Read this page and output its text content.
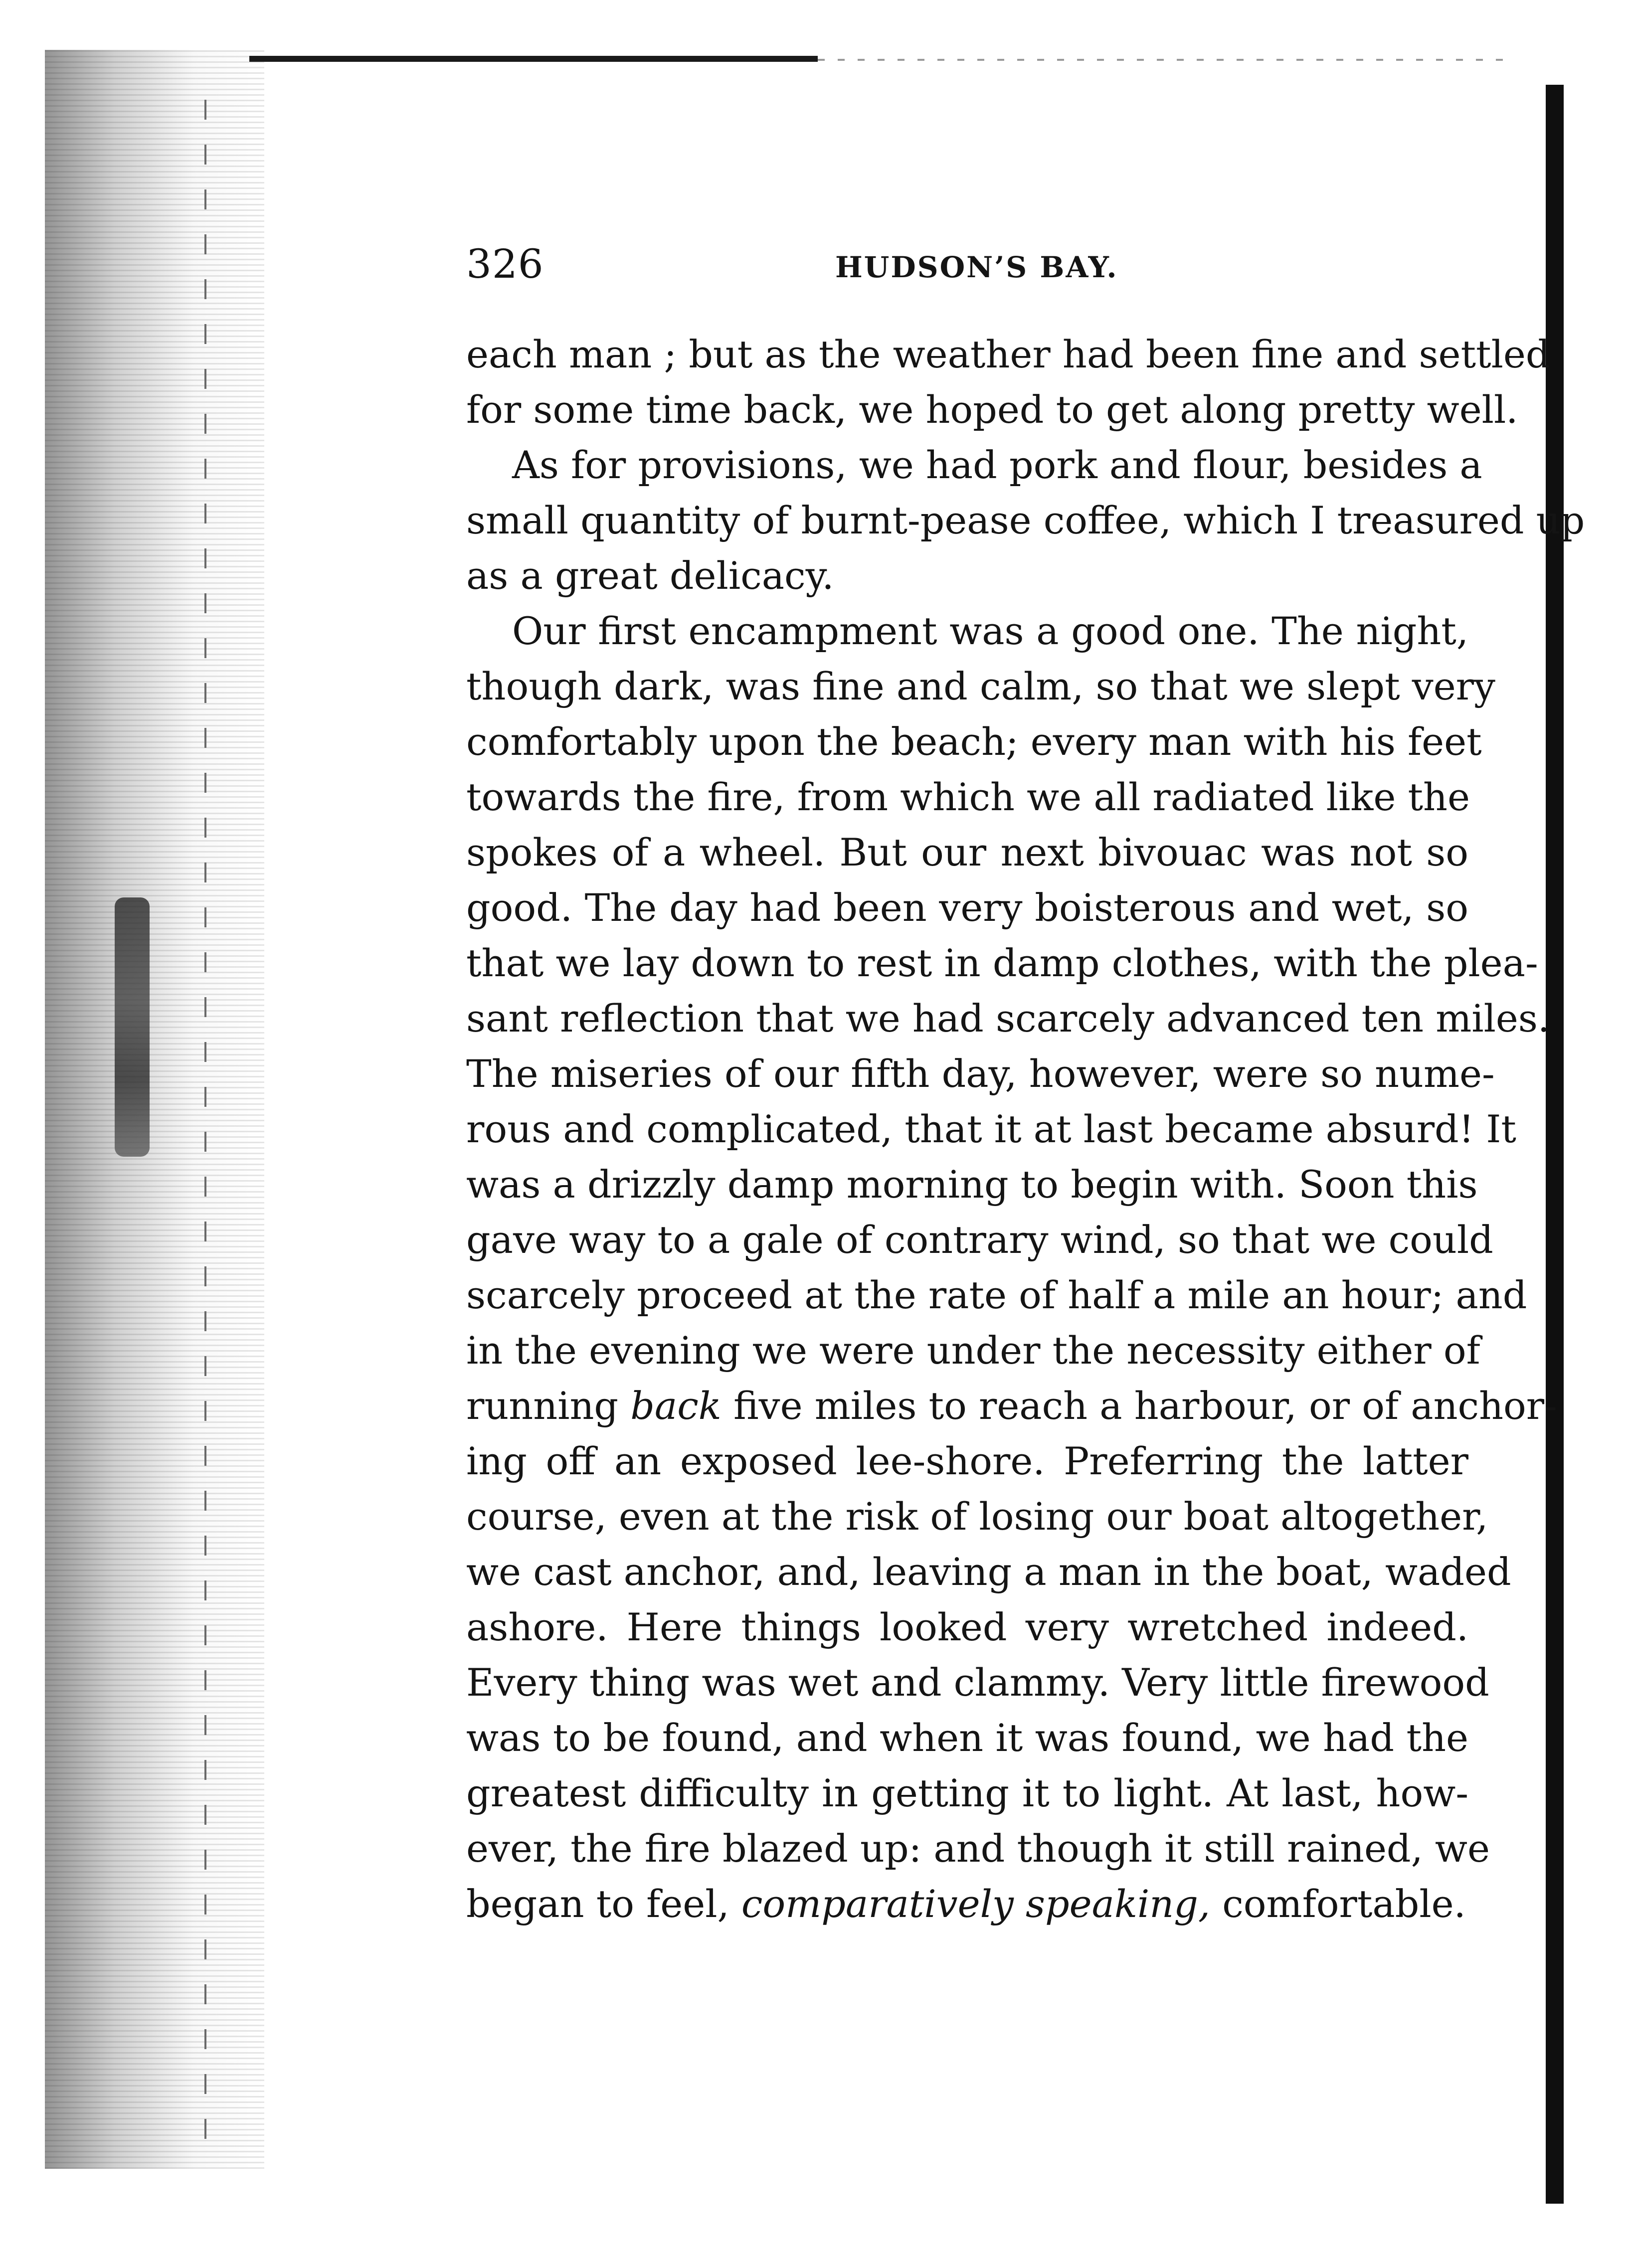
326	HUDSON’S BAY.
each man ; but as the weather had been fine and settled
for some time back, we hoped to get along pretty well.
As for provisions, we had pork and flour, besides a
small quantity of burnt-pease coffee, which I treasured up
as a great delicacy.
Our first encampment was a good one. The night,
though dark, was fine and calm, so that we slept very
comfortably upon the beach; every man with his feet
towards the fire, from which we all radiated like the
spokes of a wheel. But our next bivouac was not so
good. The day had been very boisterous and wet, so
that we lay down to rest in damp clothes, with the plea-
sant reflection that we had scarcely advanced ten miles.
The miseries of our fifth day, however, were so nume-
rous and complicated, that it at last became absurd! It
was a drizzly damp morning to begin with. Soon this
gave way to a gale of contrary wind, so that we could
scarcely proceed at the rate of half a mile an hour; and
in the evening we were under the necessity either of
running back five miles to reach a harbour, or of anchor-
ing off an exposed lee-shore. Preferring the latter
course, even at the risk of losing our boat altogether,
we cast anchor, and, leaving a man in the boat, waded
ashore. Here things looked very wretched indeed.
Every thing was wet and clammy. Very little firewood
was to be found, and when it was found, we had the
greatest difficulty in getting it to light. At last, how-
ever, the fire blazed up: and though it still rained, we
began to feel, comparatively speaking, comfortable.
